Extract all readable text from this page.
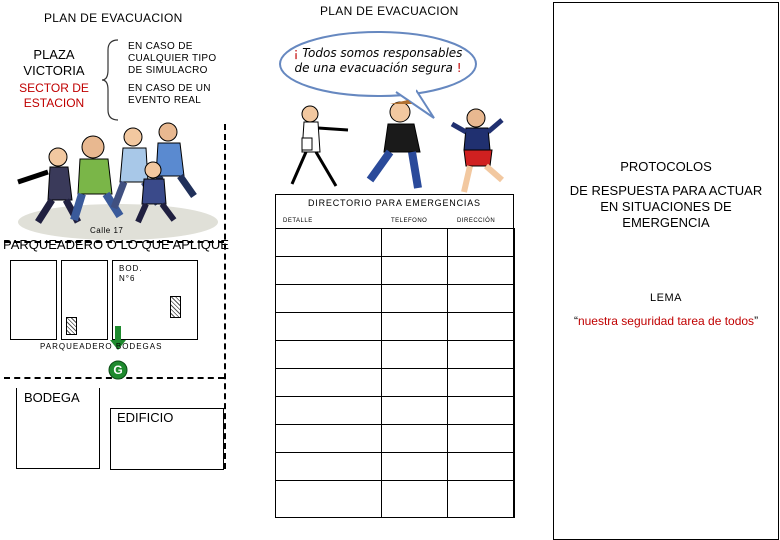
PLAN DE EVACUACION
PLAZA VICTORIA
SECTOR DE ESTACION
EN CASO DE CUALQUIER TIPO DE SIMULACRO
EN CASO DE UN EVENTO REAL
Calle 17
PARQUEADERO O LO QUE APLIQUE
BOD. N°6
G
PARQUEADERO BODEGAS
BODEGA
EDIFICIO
PLAN DE EVACUACION
¡ Todos somos responsables de una evacuación segura !
DIRECTORIO PARA EMERGENCIAS
DETALLE	TELEFONO	DIRECCIÓN
PROTOCOLOS
DE RESPUESTA PARA ACTUAR EN SITUACIONES DE EMERGENCIA
LEMA
“nuestra seguridad tarea de todos”
